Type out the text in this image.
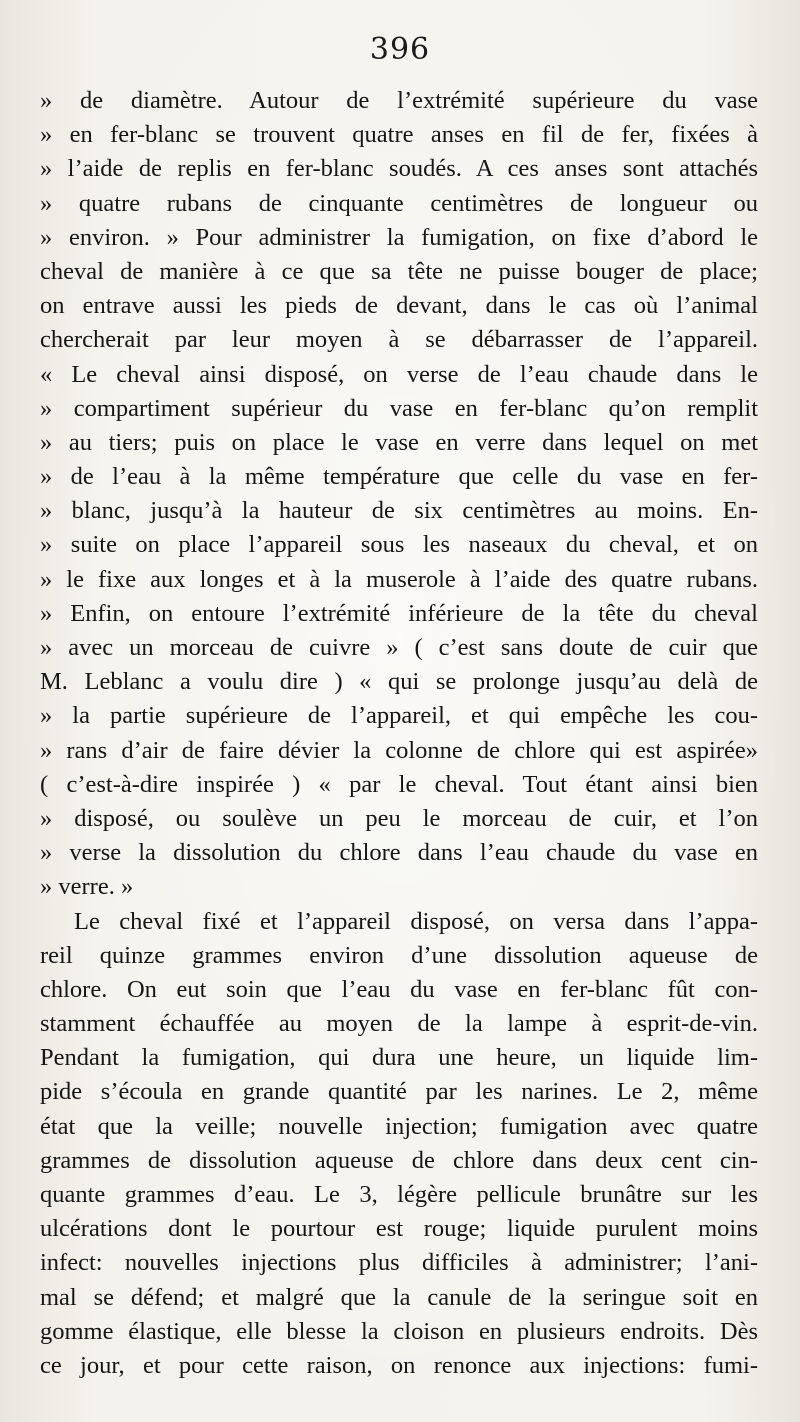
396
» de diamètre. Autour de l’extrémité supérieure du vase
» en fer-blanc se trouvent quatre anses en fil de fer, fixées à
» l’aide de replis en fer-blanc soudés. A ces anses sont attachés
» quatre rubans de cinquante centimètres de longueur ou
» environ. » Pour administrer la fumigation, on fixe d’abord le
cheval de manière à ce que sa tête ne puisse bouger de place;
on entrave aussi les pieds de devant, dans le cas où l’animal
chercherait par leur moyen à se débarrasser de l’appareil.
« Le cheval ainsi disposé, on verse de l’eau chaude dans le
» compartiment supérieur du vase en fer-blanc qu’on remplit
» au tiers; puis on place le vase en verre dans lequel on met
» de l’eau à la même température que celle du vase en fer-
» blanc, jusqu’à la hauteur de six centimètres au moins. En-
» suite on place l’appareil sous les naseaux du cheval, et on
» le fixe aux longes et à la muserole à l’aide des quatre rubans.
» Enfin, on entoure l’extrémité inférieure de la tête du cheval
» avec un morceau de cuivre » ( c’est sans doute de cuir que
M. Leblanc a voulu dire ) « qui se prolonge jusqu’au delà de
» la partie supérieure de l’appareil, et qui empêche les cou-
» rans d’air de faire dévier la colonne de chlore qui est aspirée»
( c’est-à-dire inspirée ) « par le cheval. Tout étant ainsi bien
» disposé, ou soulève un peu le morceau de cuir, et l’on
» verse la dissolution du chlore dans l’eau chaude du vase en
» verre. »
Le cheval fixé et l’appareil disposé, on versa dans l’appa-
reil quinze grammes environ d’une dissolution aqueuse de
chlore. On eut soin que l’eau du vase en fer-blanc fût con-
stamment échauffée au moyen de la lampe à esprit-de-vin.
Pendant la fumigation, qui dura une heure, un liquide lim-
pide s’écoula en grande quantité par les narines. Le 2, même
état que la veille; nouvelle injection; fumigation avec quatre
grammes de dissolution aqueuse de chlore dans deux cent cin-
quante grammes d’eau. Le 3, légère pellicule brunâtre sur les
ulcérations dont le pourtour est rouge; liquide purulent moins
infect: nouvelles injections plus difficiles à administrer; l’ani-
mal se défend; et malgré que la canule de la seringue soit en
gomme élastique, elle blesse la cloison en plusieurs endroits. Dès
ce jour, et pour cette raison, on renonce aux injections: fumi-
